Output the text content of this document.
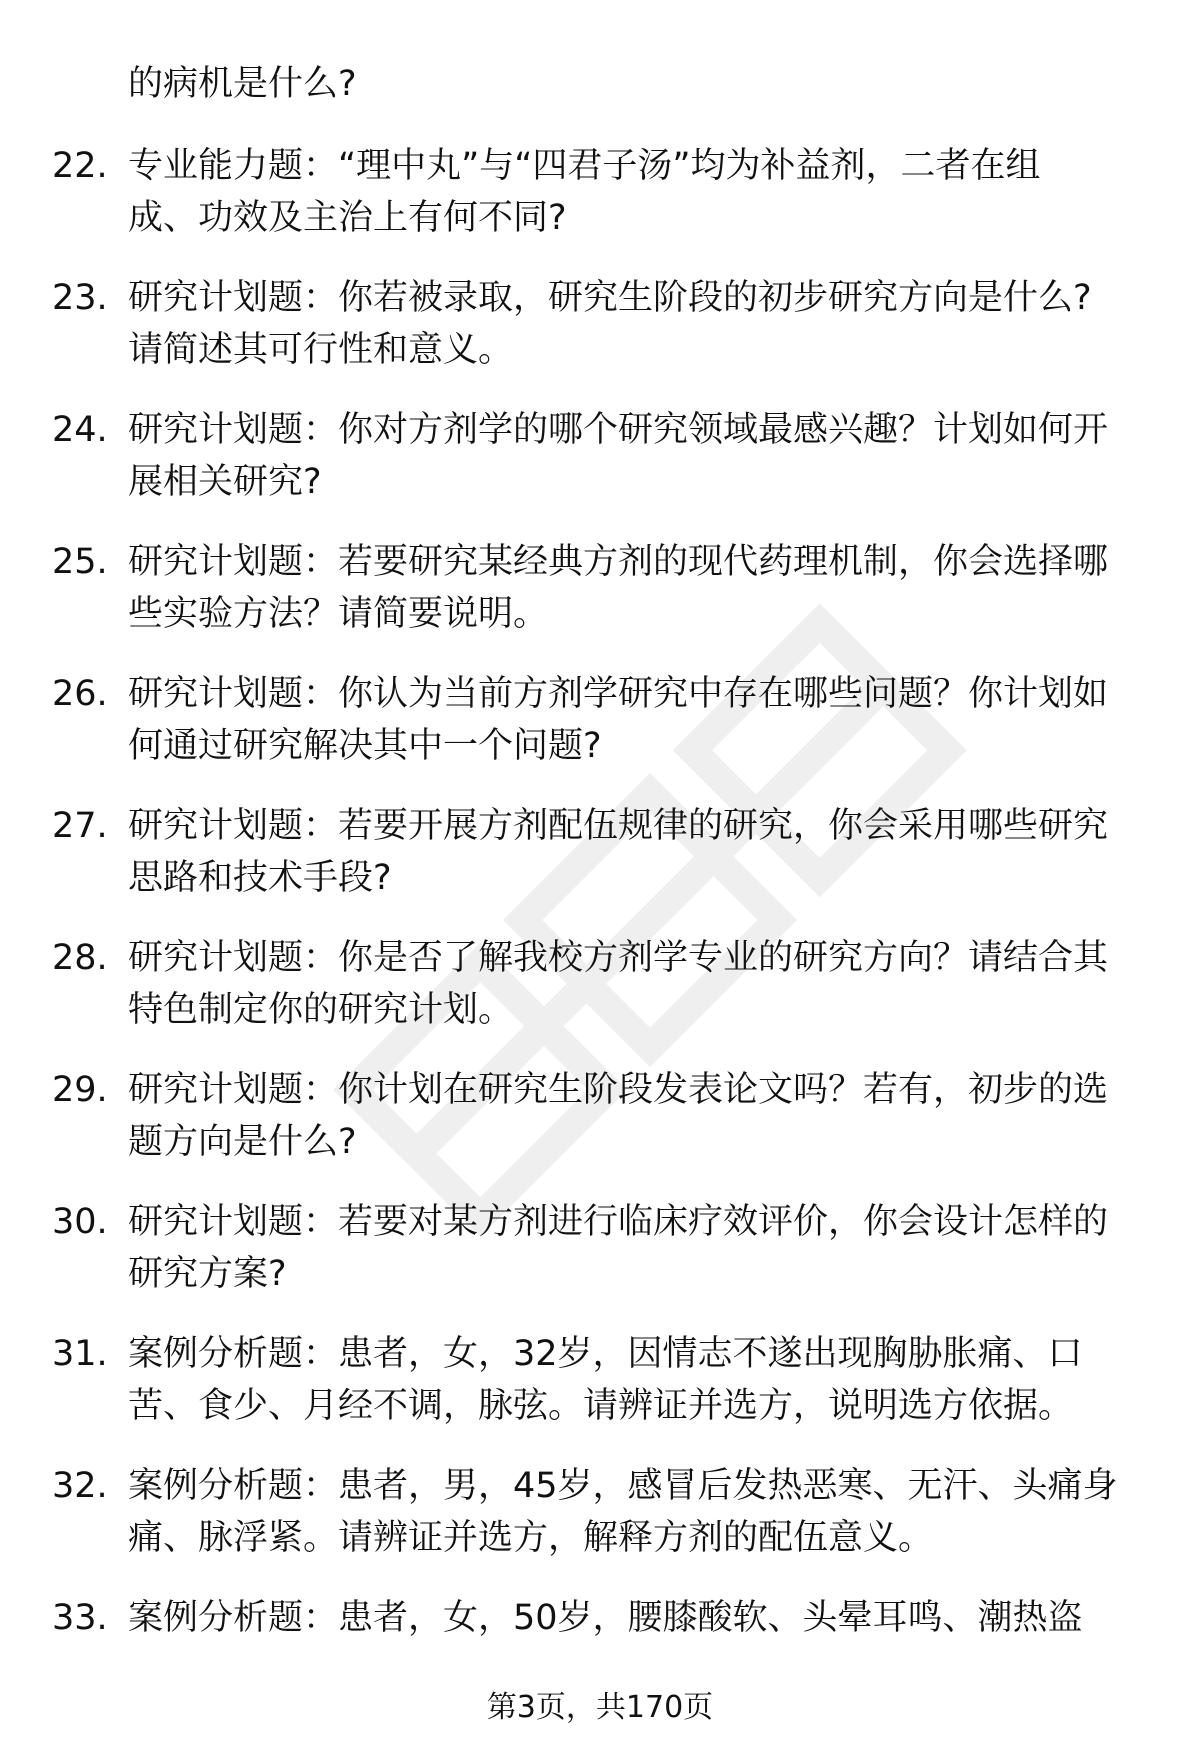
的病机是什么?
22. 专业能力题：“理中丸”与“四君子汤”均为补益剂，二者在组
成、功效及主治上有何不同?
23. 研究计划题：你若被录取，研究生阶段的初步研究方向是什么?
请简述其可行性和意义。
24. 研究计划题：你对方剂学的哪个研究领域最感兴趣？计划如何开
展相关研究?
25. 研究计划题：若要研究某经典方剂的现代药理机制，你会选择哪
些实验方法？请简要说明。
26. 研究计划题：你认为当前方剂学研究中存在哪些问题？你计划如
何通过研究解决其中一个问题?
27. 研究计划题：若要开展方剂配伍规律的研究，你会采用哪些研究
思路和技术手段?
28. 研究计划题：你是否了解我校方剂学专业的研究方向？请结合其
特色制定你的研究计划。
29. 研究计划题：你计划在研究生阶段发表论文吗？若有，初步的选
题方向是什么?
30. 研究计划题：若要对某方剂进行临床疗效评价，你会设计怎样的
研究方案?
31. 案例分析题：患者，女，32岁，因情志不遂出现胸胁胀痛、口
苦、食少、月经不调，脉弦。请辨证并选方，说明选方依据。
32. 案例分析题：患者，男，45岁，感冒后发热恶寒、无汗、头痛身
痛、脉浮紧。请辨证并选方，解释方剂的配伍意义。
33. 案例分析题：患者，女，50岁，腰膝酸软、头晕耳鸣、潮热盗
第3页，共170页
